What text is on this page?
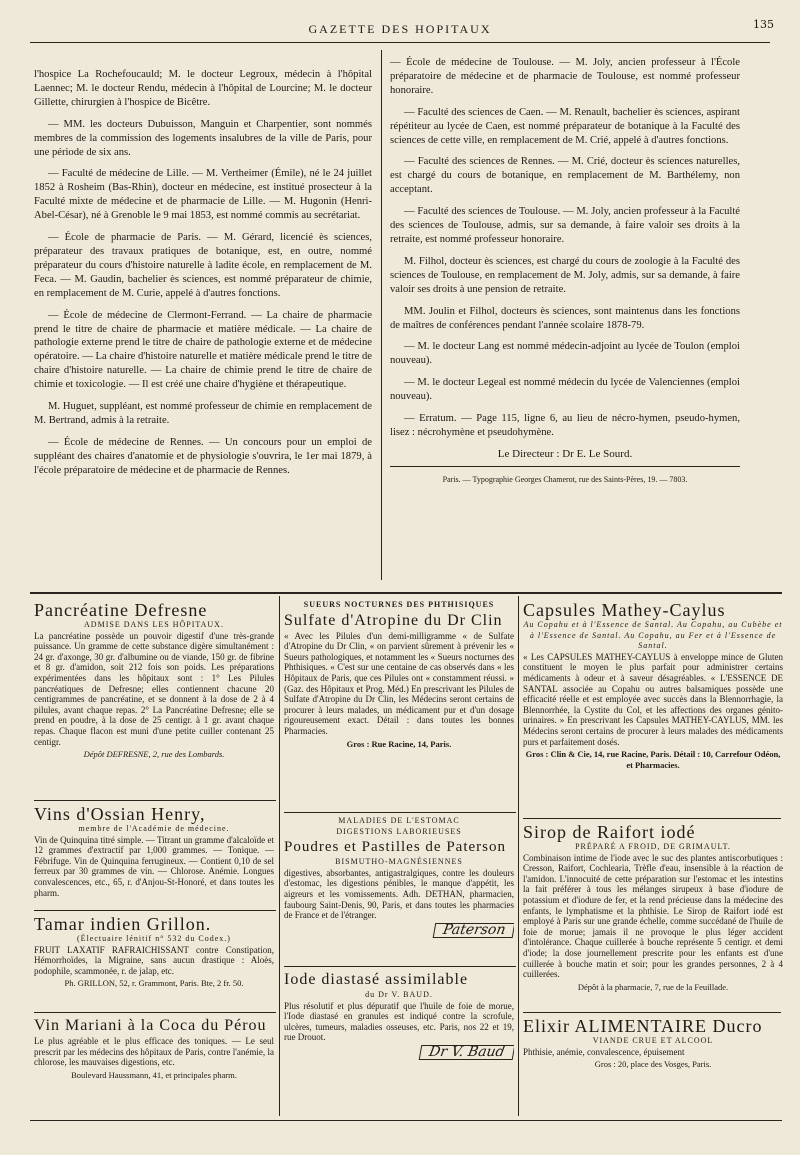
GAZETTE DES HOPITAUX	135

l'hospice La Rochefoucauld; M. le docteur Legroux, médecin à l'hôpital Laennec; M. le docteur Rendu, médecin à l'hôpital de Lourcine; M. le docteur Gillette, chirurgien à l'hospice de Bicêtre.

— MM. les docteurs Dubuisson, Manguin et Charpentier, sont nommés membres de la commission des logements insalubres de la ville de Paris, pour une période de six ans.

— Faculté de médecine de Lille. — M. Vertheimer (Émile), né le 24 juillet 1852 à Rosheim (Bas-Rhin), docteur en médecine, est institué prosecteur à la Faculté mixte de médecine et de pharmacie de Lille. — M. Hugonin (Henri-Abel-César), né à Grenoble le 9 mai 1853, est nommé commis au secrétariat.

— École de pharmacie de Paris. — M. Gérard, licencié ès sciences, préparateur des travaux pratiques de botanique, est, en outre, nommé préparateur du cours d'histoire naturelle à ladite école, en remplacement de M. Feca. — M. Gaudin, bachelier ès sciences, est nommé préparateur de chimie, en remplacement de M. Curie, appelé à d'autres fonctions.

— École de médecine de Clermont-Ferrand. — La chaire de pharmacie prend le titre de chaire de pharmacie et matière médicale. — La chaire de pathologie externe prend le titre de chaire de pathologie externe et de médecine opératoire. — La chaire d'histoire naturelle et matière médicale prend le titre de chaire d'histoire naturelle. — La chaire de chimie prend le titre de chaire de chimie et toxicologie. — Il est créé une chaire d'hygiène et thérapeutique.

M. Huguet, suppléant, est nommé professeur de chimie en remplacement de M. Bertrand, admis à la retraite.

— École de médecine de Rennes. — Un concours pour un emploi de suppléant des chaires d'anatomie et de physiologie s'ouvrira, le 1er mai 1879, à l'école préparatoire de médecine et de pharmacie de Rennes.

— École de médecine de Toulouse. — M. Joly, ancien professeur à l'École préparatoire de médecine et de pharmacie de Toulouse, est nommé professeur honoraire.

— Faculté des sciences de Caen. — M. Renault, bachelier ès sciences, aspirant répétiteur au lycée de Caen, est nommé préparateur de botanique à la Faculté des sciences de cette ville, en remplacement de M. Crié, appelé à d'autres fonctions.

— Faculté des sciences de Rennes. — M. Crié, docteur ès sciences naturelles, est chargé du cours de botanique, en remplacement de M. Barthélemy, non acceptant.

— Faculté des sciences de Toulouse. — M. Joly, ancien professeur à la Faculté des sciences de Toulouse, admis, sur sa demande, à faire valoir ses droits à la retraite, est nommé professeur honoraire.

M. Filhol, docteur ès sciences, est chargé du cours de zoologie à la Faculté des sciences de Toulouse, en remplacement de M. Joly, admis, sur sa demande, à faire valoir ses droits à une pension de retraite.

MM. Joulin et Filhol, docteurs ès sciences, sont maintenus dans les fonctions de maîtres de conférences pendant l'année scolaire 1878-79.

— M. le docteur Lang est nommé médecin-adjoint au lycée de Toulon (emploi nouveau).

— M. le docteur Legeal est nommé médecin du lycée de Valenciennes (emploi nouveau).

— Erratum. — Page 115, ligne 6, au lieu de nécro-hymen, pseudo-hymen, lisez : nécrohymène et pseudohymène.

Le Directeur : Dr E. Le Sourd.
Paris. — Typographie Georges Chamerot, rue des Saints-Pères, 19. — 7803.
Pancréatine Defresne
ADMISE DANS LES HÔPITAUX.

La pancréatine possède un pouvoir digestif d'une très-grande puissance. Un gramme de cette substance digère simultanément : 24 gr. d'axonge, 30 gr. d'albumine ou de viande, 150 gr. de fibrine et 8 gr. d'amidon, soit 212 fois son poids. Les préparations expérimentées dans les hôpitaux sont : 1° Les Pilules pancréatiques de Defresne; elles contiennent chacune 20 centigrammes de pancréatine, et se donnent à la dose de 2 à 4 pilules, avant chaque repas. 2° La Pancréatine Defresne; elle se prend en poudre, à la dose de 25 centigr. à 1 gr. avant chaque repas. Chaque flacon est muni d'une petite cuiller contenant 25 centigr.

Dépôt DEFRESNE, 2, rue des Lombards.
Vins d'Ossian Henry,
membre de l'Académie de médecine.

Vin de Quinquina titré simple. — Titrant un gramme d'alcaloïde et 12 grammes d'extractif par 1,000 grammes. — Tonique. — Fébrifuge. Vin de Quinquina ferrugineux. — Contient 0,10 de sel ferreux par 30 grammes de vin. — Chlorose. Anémie. Longues convalescences, etc., 65, r. d'Anjou-St-Honoré, et dans toutes les pharm.

Tamar indien Grillon.
(Électuaire lénitif n° 532 du Codex.)

FRUIT LAXATIF RAFRAICHISSANT contre Constipation, Hémorrhoïdes, la Migraine, sans aucun drastique : Aloès, podophile, scammonée, r. de jalap, etc.

Ph. GRILLON, 52, r. Grammont, Paris. Bte, 2 fr. 50.
Vin Mariani à la Coca du Pérou

Le plus agréable et le plus efficace des toniques. — Le seul prescrit par les médecins des hôpitaux de Paris, contre l'anémie, la chlorose, les mauvaises digestions, etc.

Boulevard Haussmann, 41, et principales pharm.
SUEURS NOCTURNES DES PHTHISIQUES
Sulfate d'Atropine du Dr Clin

« Avec les Pilules d'un demi-milligramme « de Sulfate d'Atropine du Dr Clin, « on parvient sûrement à prévenir les « Sueurs pathologiques, et notamment les « Sueurs nocturnes des Phthisiques. « C'est sur une centaine de cas observés dans « les Hôpitaux de Paris, que ces Pilules ont « constamment réussi. » (Gaz. des Hôpitaux et Prog. Méd.) En prescrivant les Pilules de Sulfate d'Atropine du Dr Clin, les Médecins seront certains de procurer à leurs malades, un médicament pur et d'un dosage rigoureusement exact. Détail : dans toutes les bonnes Pharmacies.

Gros : Rue Racine, 14, Paris.
MALADIES DE L'ESTOMAC
DIGESTIONS LABORIEUSES
Poudres et Pastilles de Paterson
BISMUTHO-MAGNÉSIENNES

digestives, absorbantes, antigastralgiques, contre les douleurs d'estomac, les digestions pénibles, le manque d'appétit, les aigreurs et les vomissements. Adh. DETHAN, pharmacien, faubourg Saint-Denis, 90, Paris, et dans toutes les pharmacies de France et de l'étranger.

Paterson
Iode diastasé assimilable
du Dr V. BAUD.

Plus résolutif et plus dépuratif que l'huile de foie de morue, l'Iode diastasé en granules est indiqué contre la scrofule, ulcères, tumeurs, maladies osseuses, etc. Paris, nos 22 et 19, rue Drouot.

Dr V. Baud
Capsules Mathey-Caylus
Au Copahu et à l'Essence de Santal. Au Copahu, au Cubèbe et à l'Essence de Santal. Au Copahu, au Fer et à l'Essence de Santal.

« Les CAPSULES MATHEY-CAYLUS à enveloppe mince de Gluten constituent le moyen le plus parfait pour administrer certains médicaments à odeur et à saveur désagréables. « L'ESSENCE DE SANTAL associée au Copahu ou autres balsamiques possède une efficacité réelle et est employée avec succès dans la Blennorrhagie, la Blennorrhée, la Cystite du Col, et les affections des organes génito-urinaires. » En prescrivant les Capsules MATHEY-CAYLUS, MM. les Médecins seront certains de procurer à leurs malades des médicaments purs et parfaitement dosés.

Gros : Clin & Cie, 14, rue Racine, Paris. Détail : 10, Carrefour Odéon, et Pharmacies.
Sirop de Raifort iodé
PRÉPARÉ A FROID, DE GRIMAULT.

Combinaison intime de l'iode avec le suc des plantes antiscorbutiques : Cresson, Raifort, Cochlearia, Trèfle d'eau, insensible à la réaction de l'amidon. L'innocuité de cette préparation sur l'estomac et les intestins la fait préférer à tous les mélanges sirupeux à base d'iodure de potassium et d'iodure de fer, et la rend précieuse dans la médecine des enfants, le lymphatisme et la phthisie. Le Sirop de Raifort iodé est employé à Paris sur une grande échelle, comme succédané de l'huile de foie de morue; jamais il ne provoque le plus léger accident d'intolérance. Chaque cuillerée à bouche représente 5 centigr. et demi d'iode; la dose journellement prescrite pour les enfants est d'une cuillerée à bouche matin et soir; pour les grandes personnes, 2 à 4 cuillerées.

Dépôt à la pharmacie, 7, rue de la Feuillade.
Elixir ALIMENTAIRE Ducro
VIANDE CRUE ET ALCOOL

Phthisie, anémie, convalescence, épuisement

Gros : 20, place des Vosges, Paris.
